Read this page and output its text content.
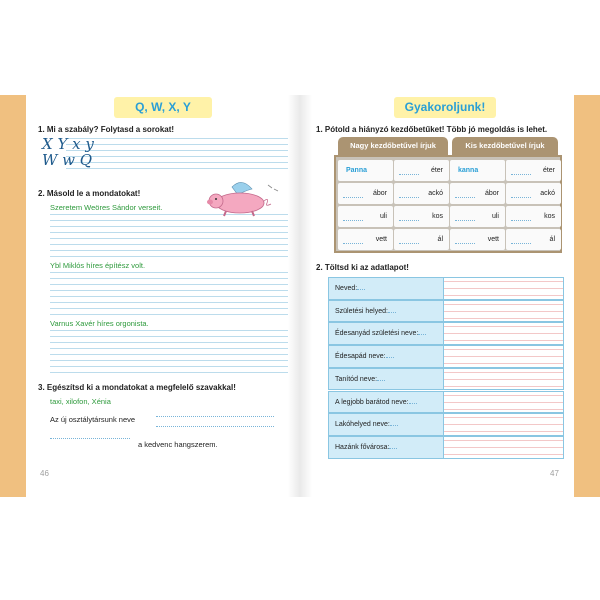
Q, W, X, Y
1. Mi a szabály? Folytasd a sorokat!
X Y x y
W w Q
2. Másold le a mondatokat!
Szeretem Weöres Sándor verseit.
Ybl Miklós híres építész volt.
Varnus Xavér híres orgonista.
3. Egészítsd ki a mondatokat a megfelelő szavakkal!
taxi, xilofon, Xénia
Az új osztálytársunk neve
a kedvenc hangszerem.
46
Gyakoroljunk!
1. Pótold a hiányzó kezdőbetűket! Több jó megoldás is lehet.
Nagy kezdőbetűvel írjuk	Kis kezdőbetűvel írjuk
Panna	éter kanna	éter
ábor	ackó	ábor	ackó
uli	kos	uli	kos
vett	ál	vett	ál
2. Töltsd ki az adatlapot!
Neved:
Születési helyed:
Édesanyád születési neve:
Édesapád neve:
Tanítód neve:
A legjobb barátod neve:
Lakóhelyed neve:
Hazánk fővárosa:
47
